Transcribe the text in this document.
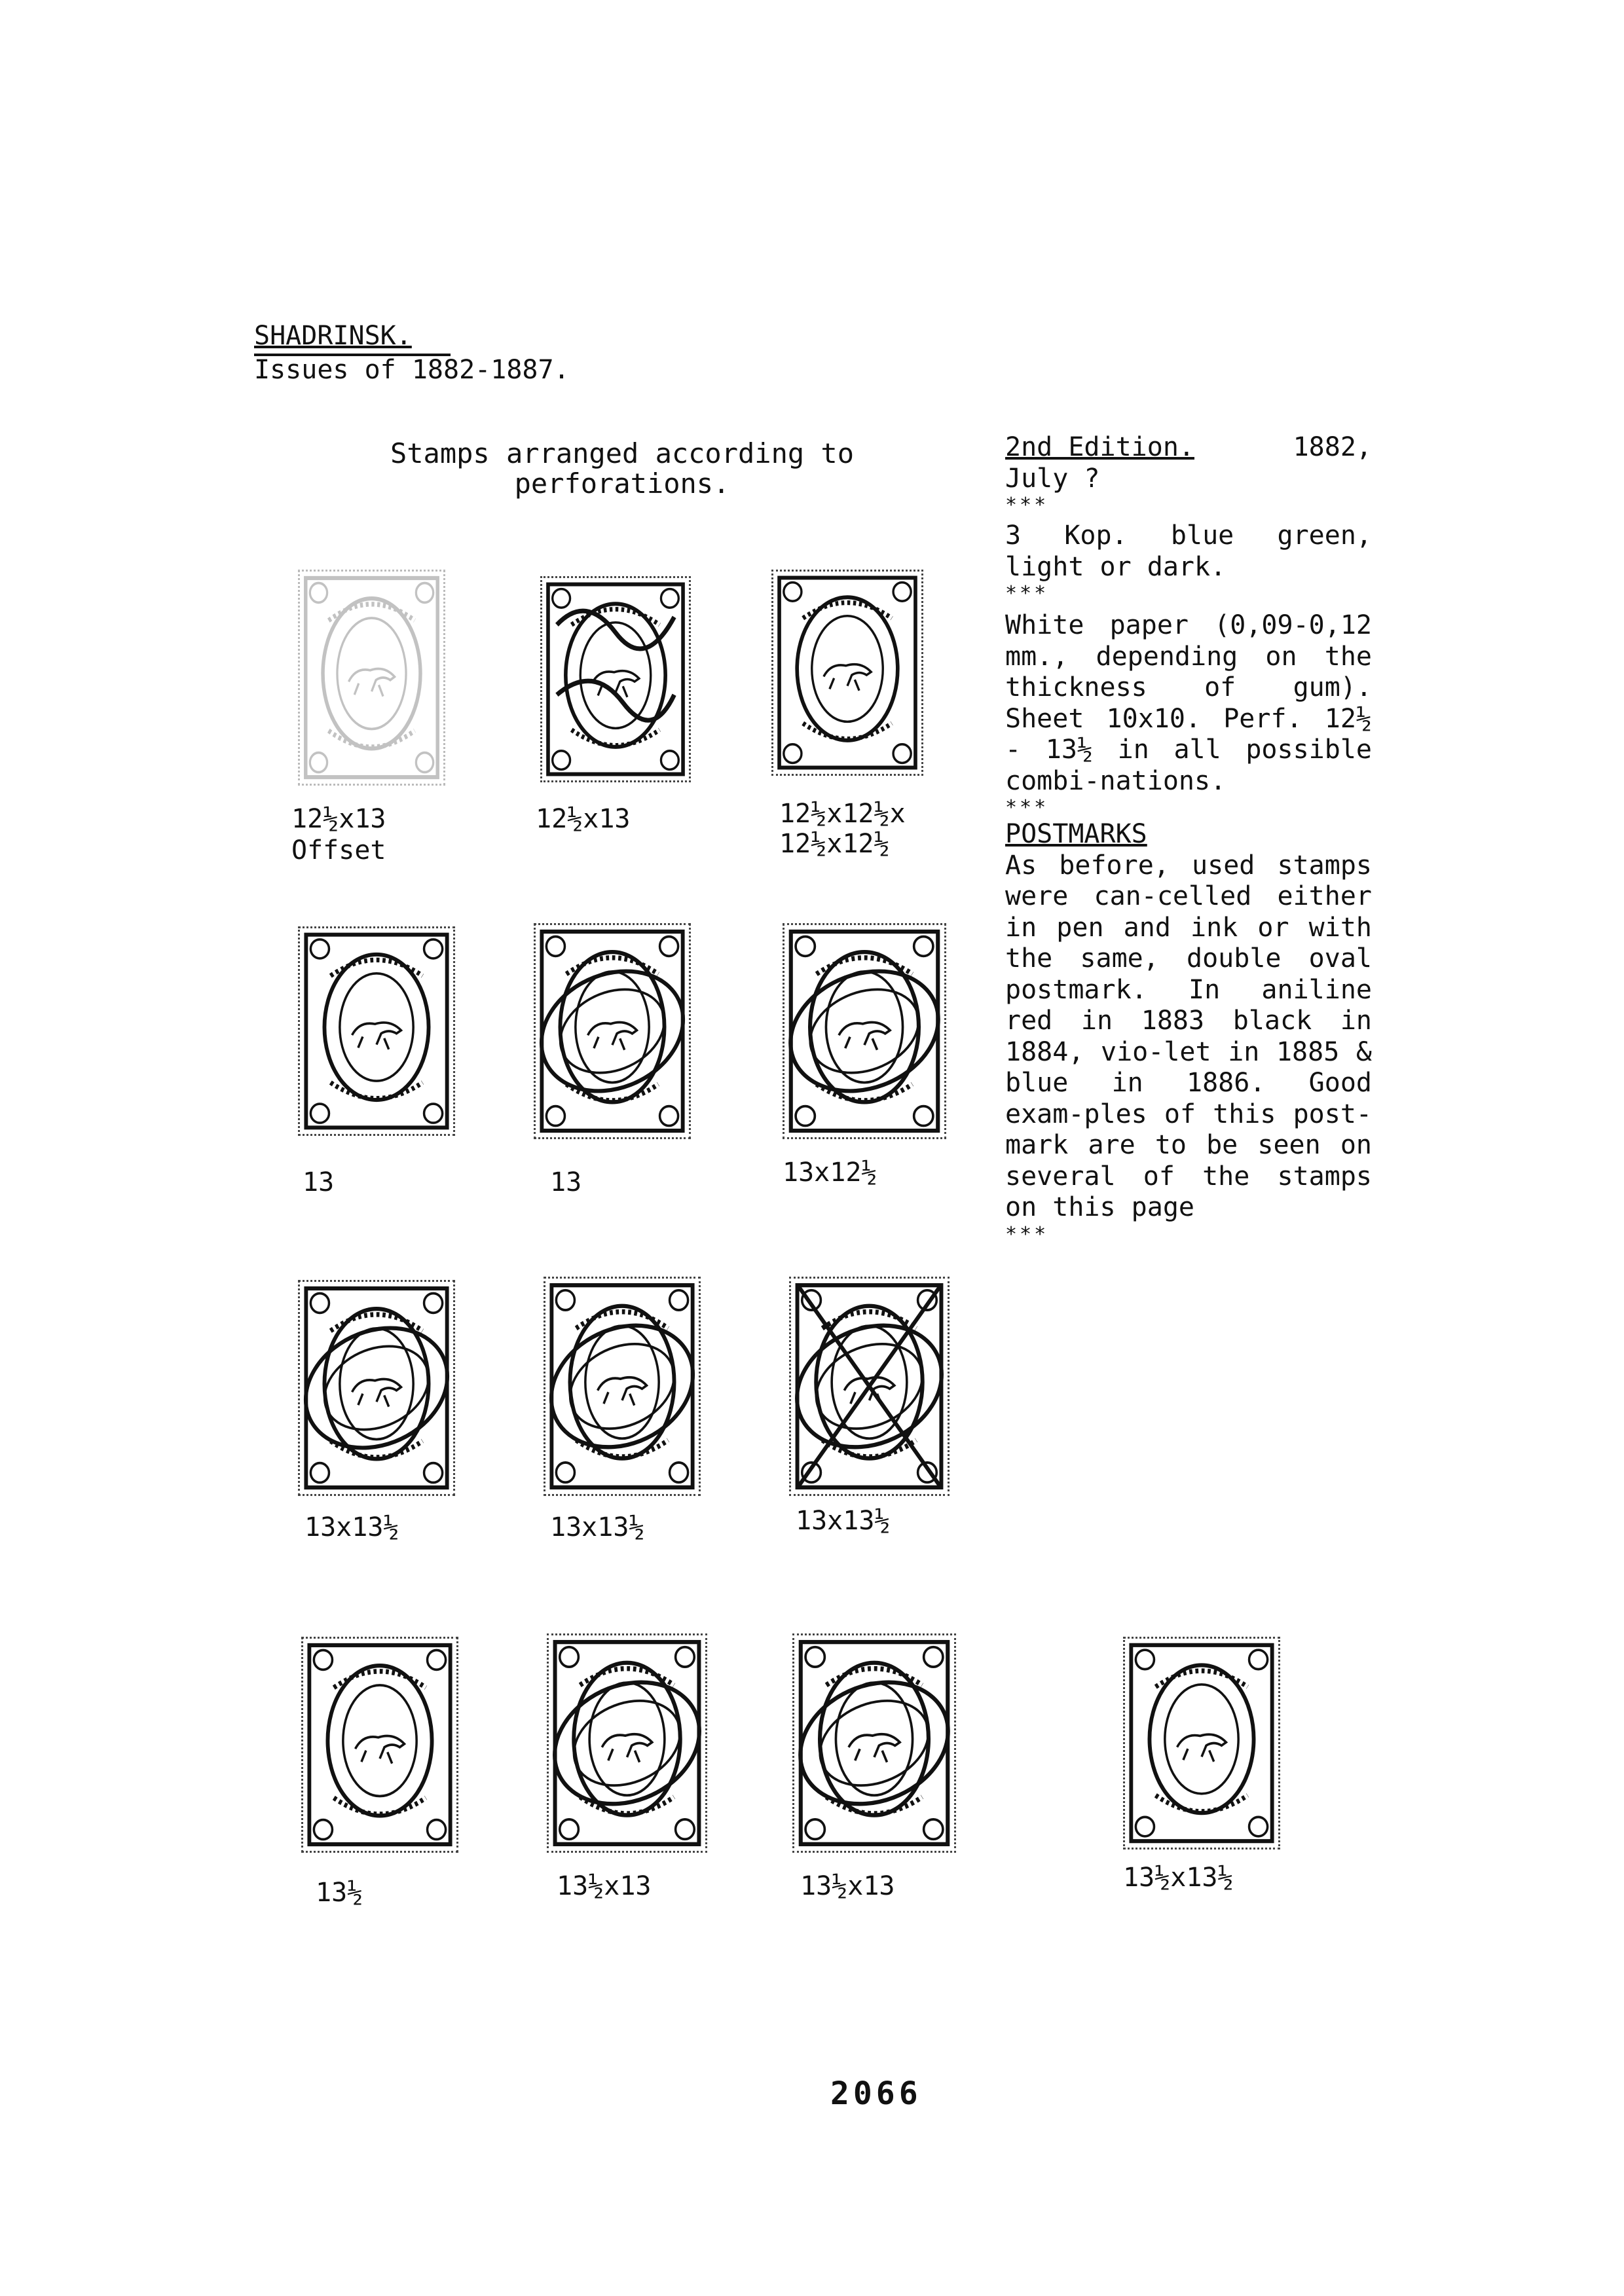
SHADRINSK.
Issues of 1882-1887.
Stamps arranged according to
perforations.
12½x13
Offset
12½x13	12½x12½x
12½x12½
13	13	13x12½
13x13½	13x13½	13x13½
13½	13½x13	13½x13	13½x13½

2nd Edition.	1882,

July ?

***

3 Kop. blue green, light or dark.

***

White paper (0,09-0,12 mm., depending on the thickness of gum). Sheet 10x10. Perf. 12½ - 13½ in all possible combi-nations.

***

POSTMARKS

As before, used stamps were can-celled either in pen and ink or with the same, double oval postmark. In aniline red in 1883 black in 1884, vio-let in 1885 & blue in 1886. Good exam-ples of this post-mark are to be seen on several of the stamps on this page

***

2066
